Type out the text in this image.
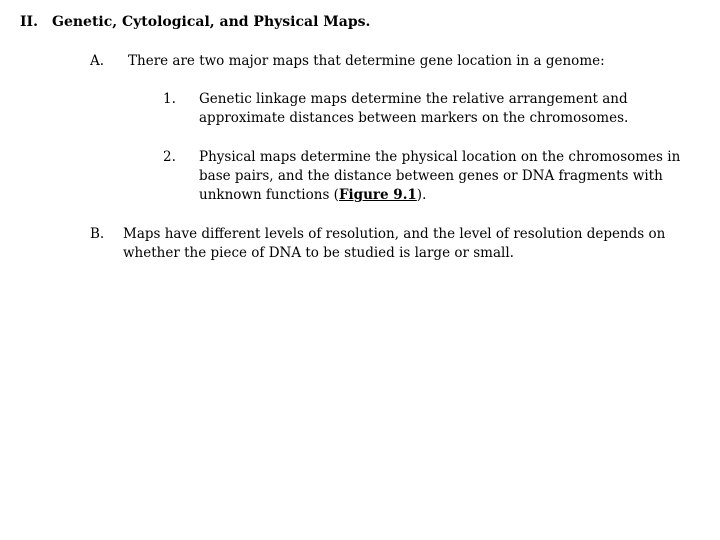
II. Genetic, Cytological, and Physical Maps.
A. There are two major maps that determine gene location in a genome:
1. Genetic linkage maps determine the relative arrangement and approximate distances between markers on the chromosomes.
2. Physical maps determine the physical location on the chromosomes in base pairs, and the distance between genes or DNA fragments with unknown functions (Figure 9.1).
B. Maps have different levels of resolution, and the level of resolution depends on whether the piece of DNA to be studied is large or small.
